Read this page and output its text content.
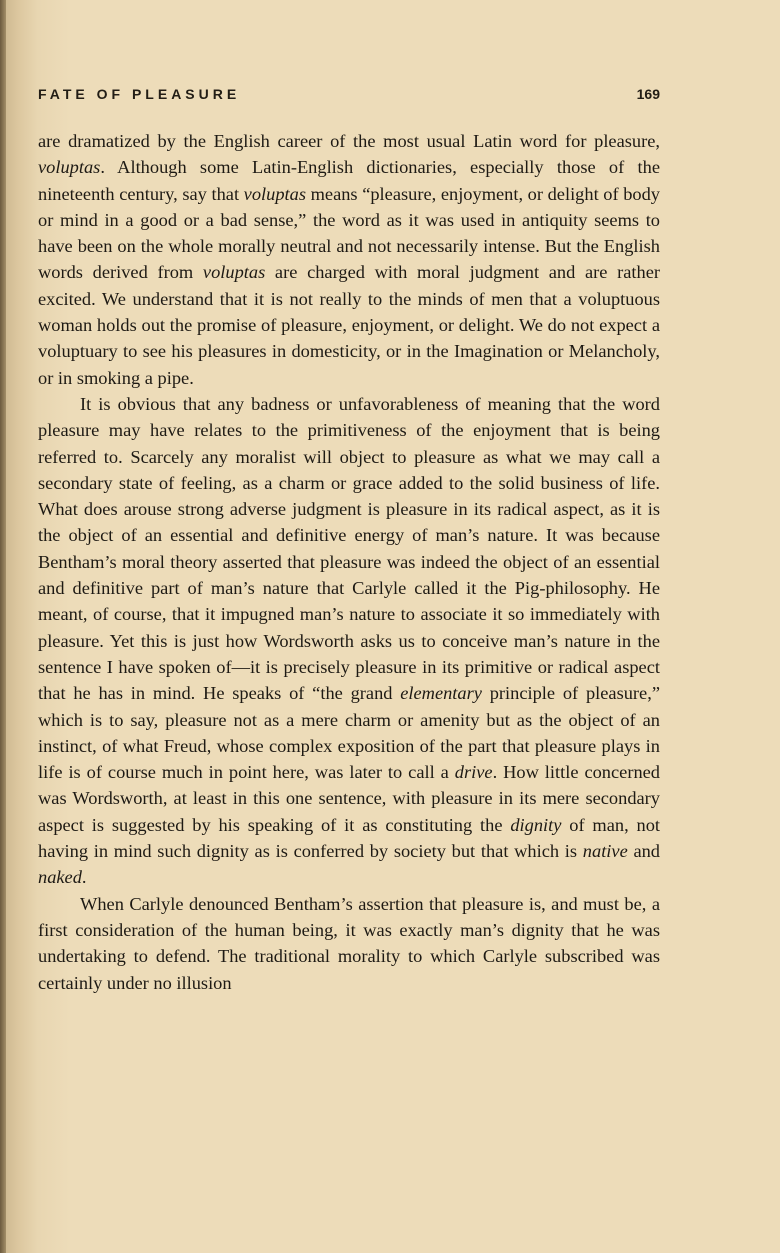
FATE OF PLEASURE	169

are dramatized by the English career of the most usual Latin word for pleasure, voluptas. Although some Latin-English dictionaries, especially those of the nineteenth century, say that voluptas means “pleasure, enjoyment, or delight of body or mind in a good or a bad sense,” the word as it was used in antiquity seems to have been on the whole morally neutral and not necessarily intense. But the English words derived from voluptas are charged with moral judgment and are rather excited. We understand that it is not really to the minds of men that a voluptuous woman holds out the promise of pleasure, enjoyment, or delight. We do not expect a voluptuary to see his pleasures in domesticity, or in the Imagination or Melancholy, or in smoking a pipe.

It is obvious that any badness or unfavorableness of meaning that the word pleasure may have relates to the primitiveness of the enjoyment that is being referred to. Scarcely any moralist will object to pleasure as what we may call a secondary state of feeling, as a charm or grace added to the solid business of life. What does arouse strong adverse judgment is pleasure in its radical aspect, as it is the object of an essential and definitive energy of man’s nature. It was because Bentham’s moral theory asserted that pleasure was indeed the object of an essential and definitive part of man’s nature that Carlyle called it the Pig-philosophy. He meant, of course, that it impugned man’s nature to associate it so immediately with pleasure. Yet this is just how Wordsworth asks us to conceive man’s nature in the sentence I have spoken of—it is precisely pleasure in its primitive or radical aspect that he has in mind. He speaks of “the grand elementary principle of pleasure,” which is to say, pleasure not as a mere charm or amenity but as the object of an instinct, of what Freud, whose complex exposition of the part that pleasure plays in life is of course much in point here, was later to call a drive. How little concerned was Wordsworth, at least in this one sentence, with pleasure in its mere secondary aspect is suggested by his speaking of it as constituting the dignity of man, not having in mind such dignity as is conferred by society but that which is native and naked.

When Carlyle denounced Bentham’s assertion that pleasure is, and must be, a first consideration of the human being, it was exactly man’s dignity that he was undertaking to defend. The traditional morality to which Carlyle subscribed was certainly under no illusion
